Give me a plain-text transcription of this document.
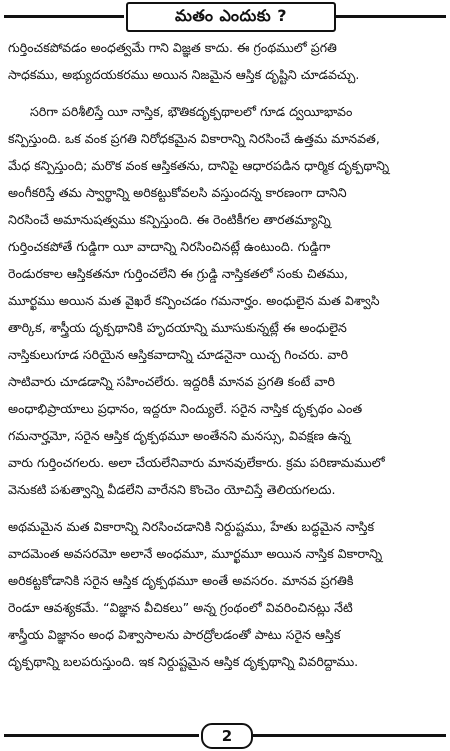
మతం ఎందుకు ?
గుర్తించకపోవడం అంధత్వమే గాని విజ్ఞత కాదు. ఈ గ్రంథములో ప్రగతి
సాధకము, అభ్యుదయకరము అయిన నిజమైన ఆస్తిక దృష్టిని చూడవచ్చు.
సరిగా పరిశీలిస్తే యీ నాస్తిక, భౌతికదృక్పథాలలో గూడ ద్వయీభావం
కన్పిస్తుంది. ఒక వంక ప్రగతి నిరోధకమైన వికారాన్ని నిరసించే ఉత్తమ మానవత,
మేధ కన్పిస్తుంది; మరొక వంక ఆస్తికతను, దానిపై ఆధారపడిన ధార్మిక దృక్పథాన్ని
అంగీకరిస్తే తమ స్వార్థాన్ని అరికట్టుకోవలసి వస్తుందన్న కారణంగా దానిని
నిరసించే అమానుషత్వము కన్పిస్తుంది. ఈ రెంటికీగల తారతమ్యాన్ని
గుర్తించకపోతే గుడ్డిగా యీ వాదాన్ని నిరసించినట్లే ఉంటుంది. గుడ్డిగా
రెండురకాల ఆస్తికతనూ గుర్తించలేని ఈ గ్రుడ్డి నాస్తికతలో సంకు చితము,
మూర్ఖము అయిన మత వైఖరే కన్పించడం గమనార్హం. అంధులైన మత విశ్వాసి
తార్కిక, శాస్త్రీయ దృక్పథానికి హృదయాన్ని మూసుకున్నట్లే ఈ అంధులైన
నాస్తికులుగూడ సరియైన ఆస్తికవాదాన్ని చూడనైనా యిచ్చ గించరు. వారి
సాటివారు చూడడాన్ని సహించలేరు. ఇద్దరికీ మానవ ప్రగతి కంటే వారి
అంధాభిప్రాయాలు ప్రధానం, ఇద్దరూ నింద్యులే. సరైన నాస్తిక దృక్పథం ఎంత
గమనార్హమో, సరైన ఆస్తిక దృక్పథమూ అంతేనని మనస్సు, వివక్షణ ఉన్న
వారు గుర్తించగలరు. అలా చేయలేనివారు మానవులేకారు. క్రమ పరిణామములో
వెనుకటి పశుత్వాన్ని వీడలేని వారేనని కొంచెం యోచిస్తే తెలియగలదు.
అథమమైన మత వికారాన్ని నిరసించడానికి నిర్దుష్టము, హేతు బద్ధమైన నాస్తిక
వాదమెంత అవసరమో అలానే అంధమూ, మూర్ఖమూ అయిన నాస్తిక వికారాన్ని
అరికట్టకోడానికి సరైన ఆస్తిక దృక్పథమూ అంతే అవసరం. మానవ ప్రగతికి
రెండూ ఆవశ్యకమే. “విజ్ఞాన వీచికలు” అన్న గ్రంథంలో వివరించినట్లు నేటి
శాస్త్రీయ విజ్ఞానం అంధ విశ్వాసాలను పారద్రోలడంతో పాటు సరైన ఆస్తిక
దృక్పథాన్ని బలపరుస్తుంది. ఇక నిర్దుష్టమైన ఆస్తిక దృక్పథాన్ని వివరిద్దాము.
2
